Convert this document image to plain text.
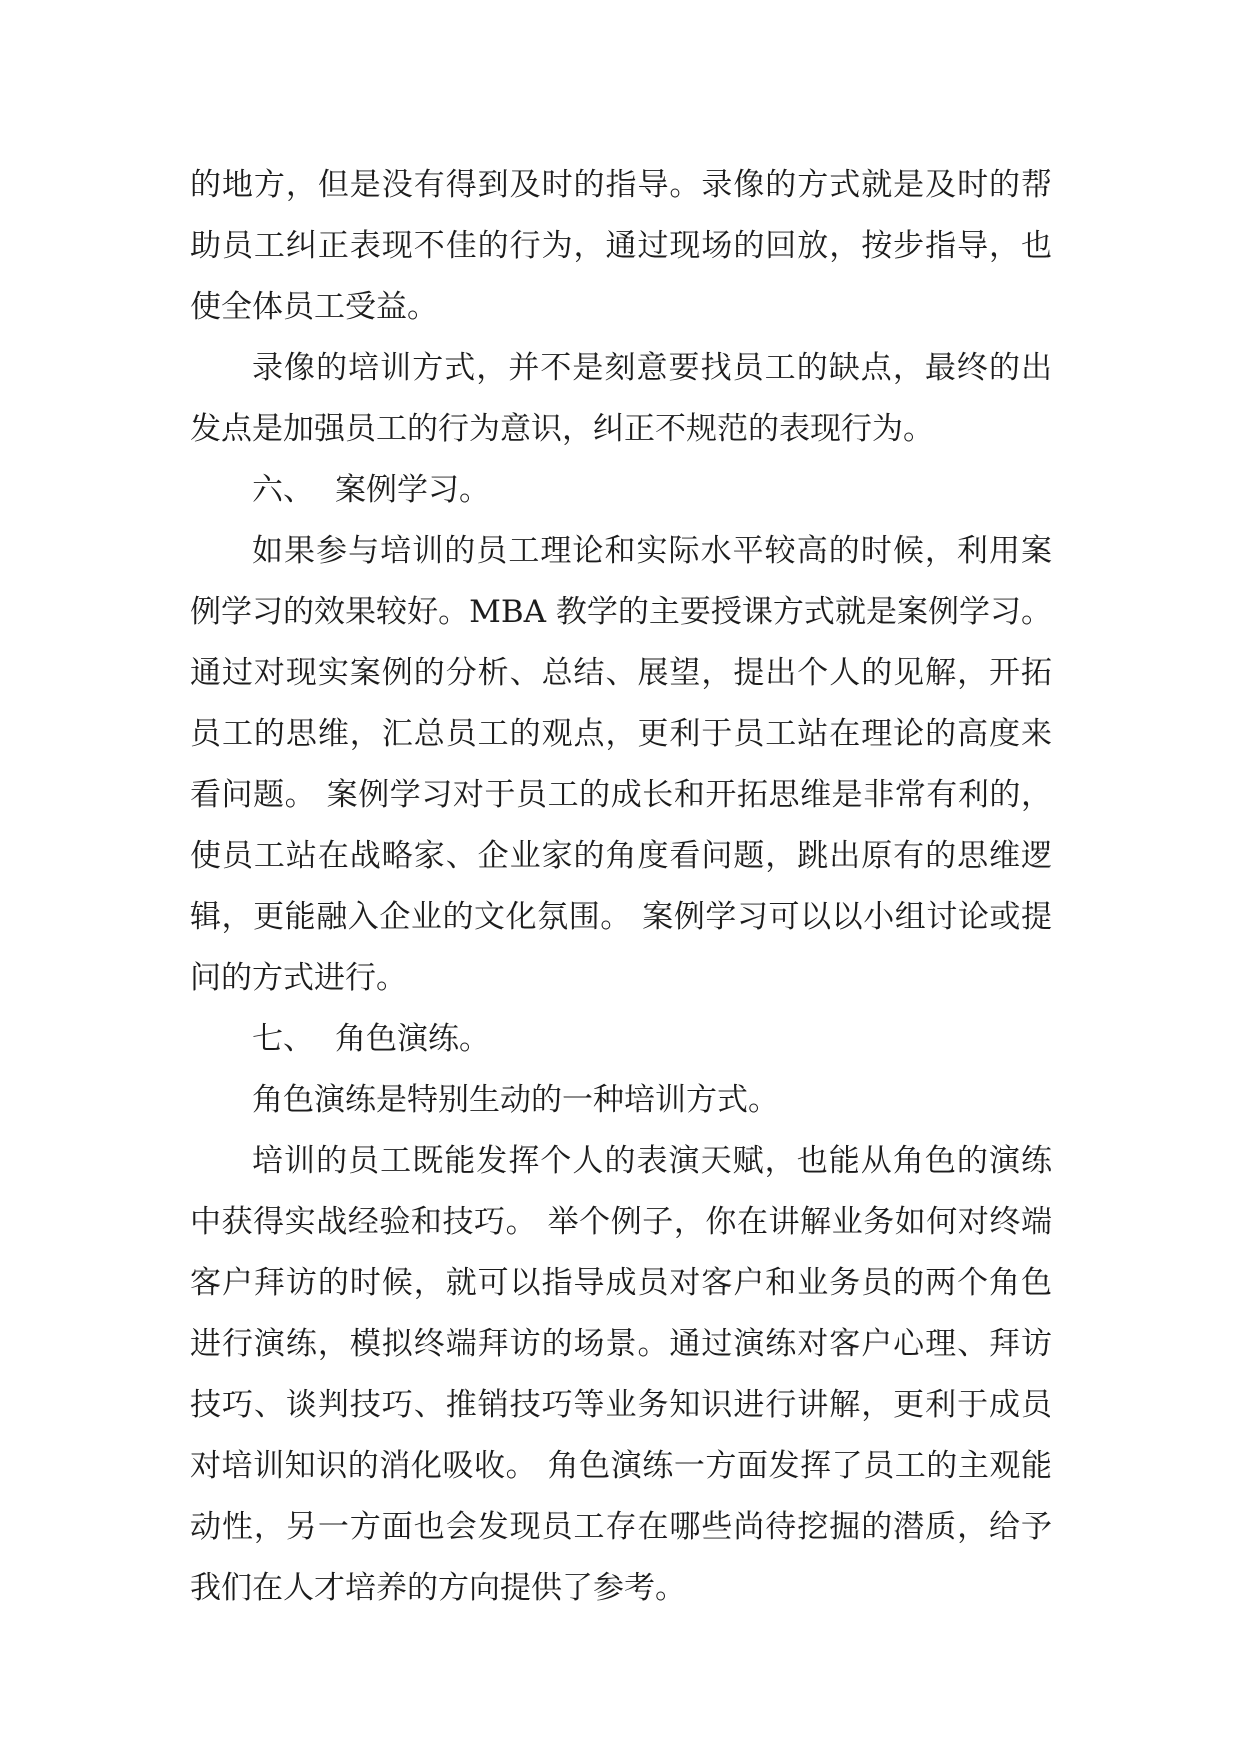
的地方，但是没有得到及时的指导。录像的方式就是及时的帮助员工纠正表现不佳的行为，通过现场的回放，按步指导，也使全体员工受益。

录像的培训方式，并不是刻意要找员工的缺点，最终的出发点是加强员工的行为意识，纠正不规范的表现行为。

六、 案例学习。

如果参与培训的员工理论和实际水平较高的时候，利用案例学习的效果较好。MBA 教学的主要授课方式就是案例学习。通过对现实案例的分析、总结、展望，提出个人的见解，开拓员工的思维，汇总员工的观点，更利于员工站在理论的高度来看问题。 案例学习对于员工的成长和开拓思维是非常有利的，使员工站在战略家、企业家的角度看问题，跳出原有的思维逻辑，更能融入企业的文化氛围。 案例学习可以以小组讨论或提问的方式进行。

七、 角色演练。

角色演练是特别生动的一种培训方式。

培训的员工既能发挥个人的表演天赋，也能从角色的演练中获得实战经验和技巧。 举个例子，你在讲解业务如何对终端客户拜访的时候，就可以指导成员对客户和业务员的两个角色进行演练，模拟终端拜访的场景。通过演练对客户心理、拜访技巧、谈判技巧、推销技巧等业务知识进行讲解，更利于成员对培训知识的消化吸收。 角色演练一方面发挥了员工的主观能动性，另一方面也会发现员工存在哪些尚待挖掘的潜质，给予我们在人才培养的方向提供了参考。
